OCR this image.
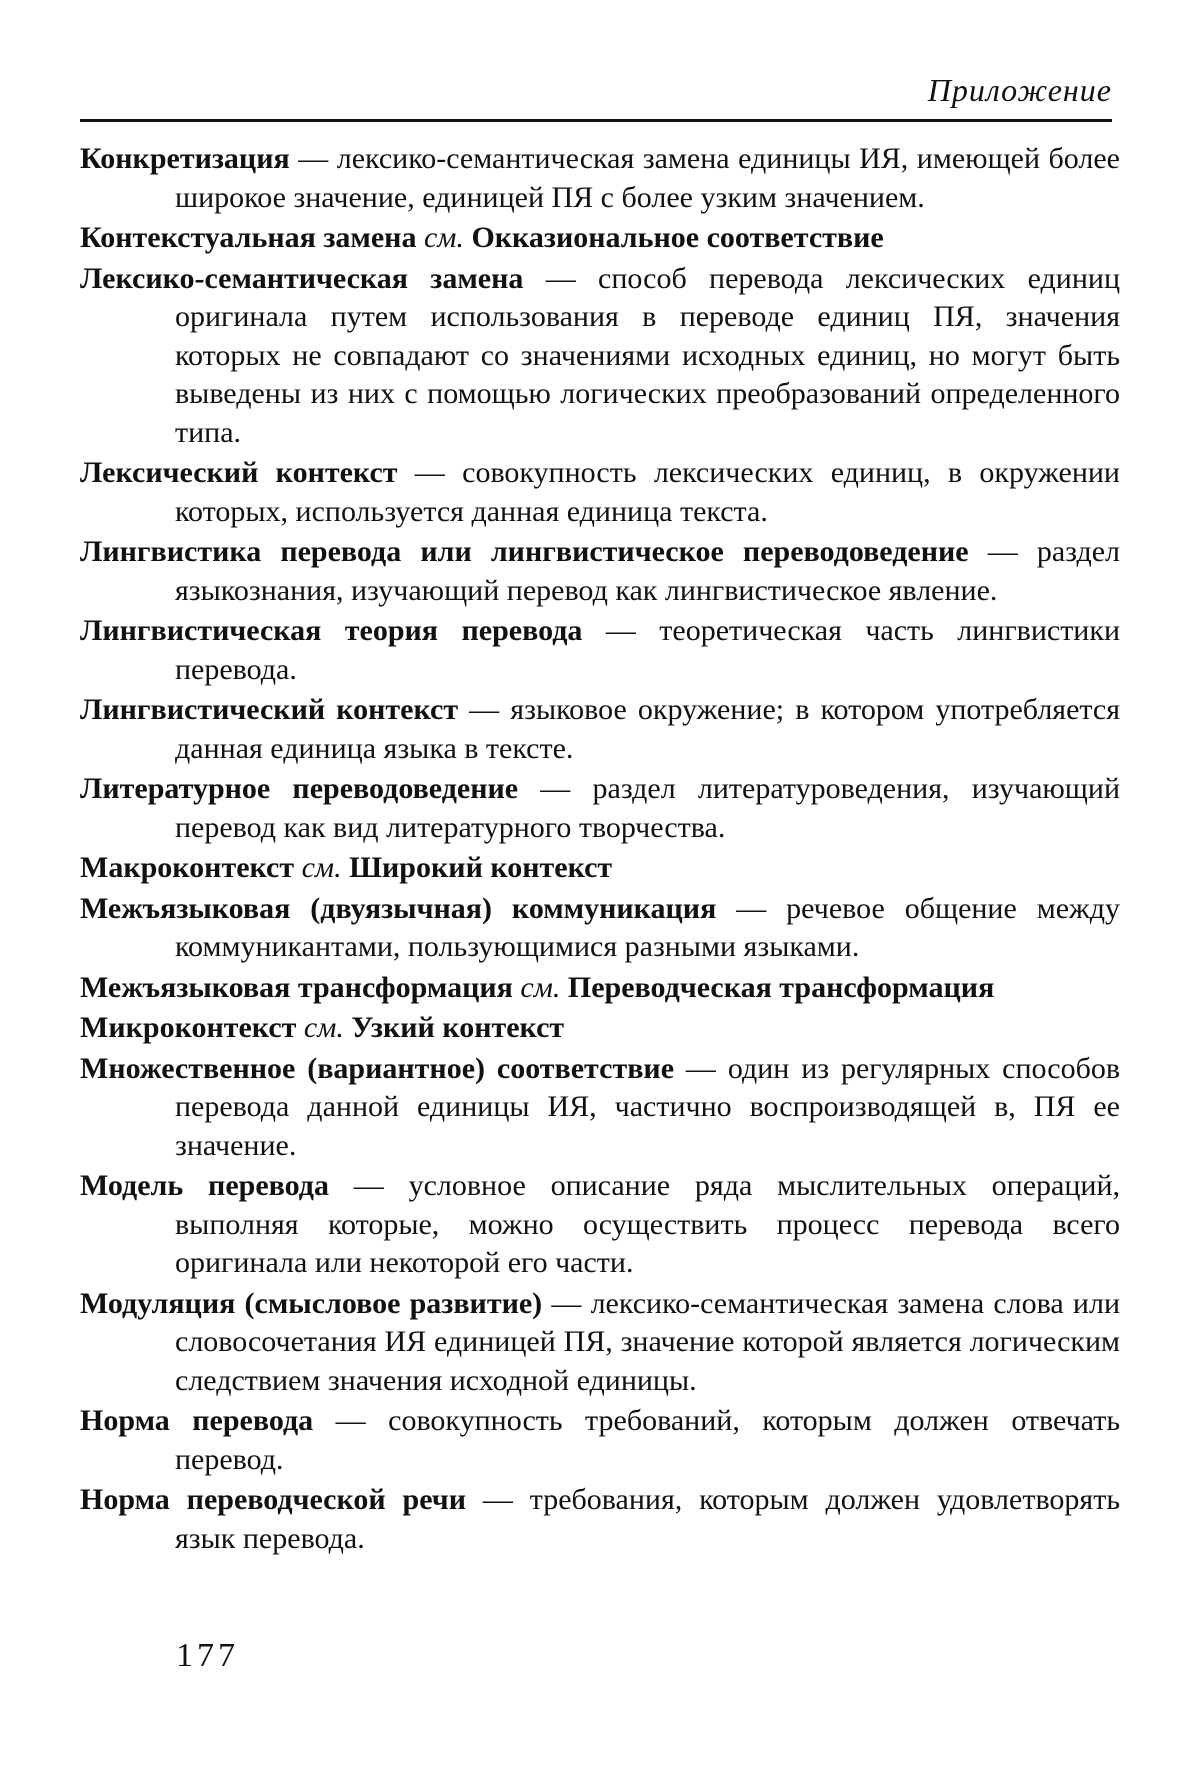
Приложение

Конкретизация — лексико-семантическая замена единицы ИЯ, имеющей более широкое значение, единицей ПЯ с более узким значением.

Контекстуальная замена см. Окказиональное соответствие

Лексико-семантическая замена — способ перевода лексических единиц оригинала путем использования в переводе единиц ПЯ, значения которых не совпадают со значениями исходных единиц, но могут быть выведены из них с помощью логических преобразований определенного типа.

Лексический контекст — совокупность лексических единиц, в окружении которых, используется данная единица текста.

Лингвистика перевода или лингвистическое переводоведение — раздел языкознания, изучающий перевод как лингвистическое явление.

Лингвистическая теория перевода — теоретическая часть лингвистики перевода.

Лингвистический контекст — языковое окружение; в котором употребляется данная единица языка в тексте.

Литературное переводоведение — раздел литературоведения, изучающий перевод как вид литературного творчества.

Макроконтекст см. Широкий контекст

Межъязыковая (двуязычная) коммуникация — речевое общение между коммуникантами, пользующимися разными языками.

Межъязыковая трансформация см. Переводческая трансформация

Микроконтекст см. Узкий контекст

Множественное (вариантное) соответствие — один из регулярных способов перевода данной единицы ИЯ, частично воспроизводящей в, ПЯ ее значение.

Модель перевода — условное описание ряда мыслительных операций, выполняя которые, можно осуществить процесс перевода всего оригинала или некоторой его части.

Модуляция (смысловое развитие) — лексико-семантическая замена слова или словосочетания ИЯ единицей ПЯ, значение которой является логическим следствием значения исходной единицы.

Норма перевода — совокупность требований, которым должен отвечать перевод.

Норма переводческой речи — требования, которым должен удовлетворять язык перевода.

177
